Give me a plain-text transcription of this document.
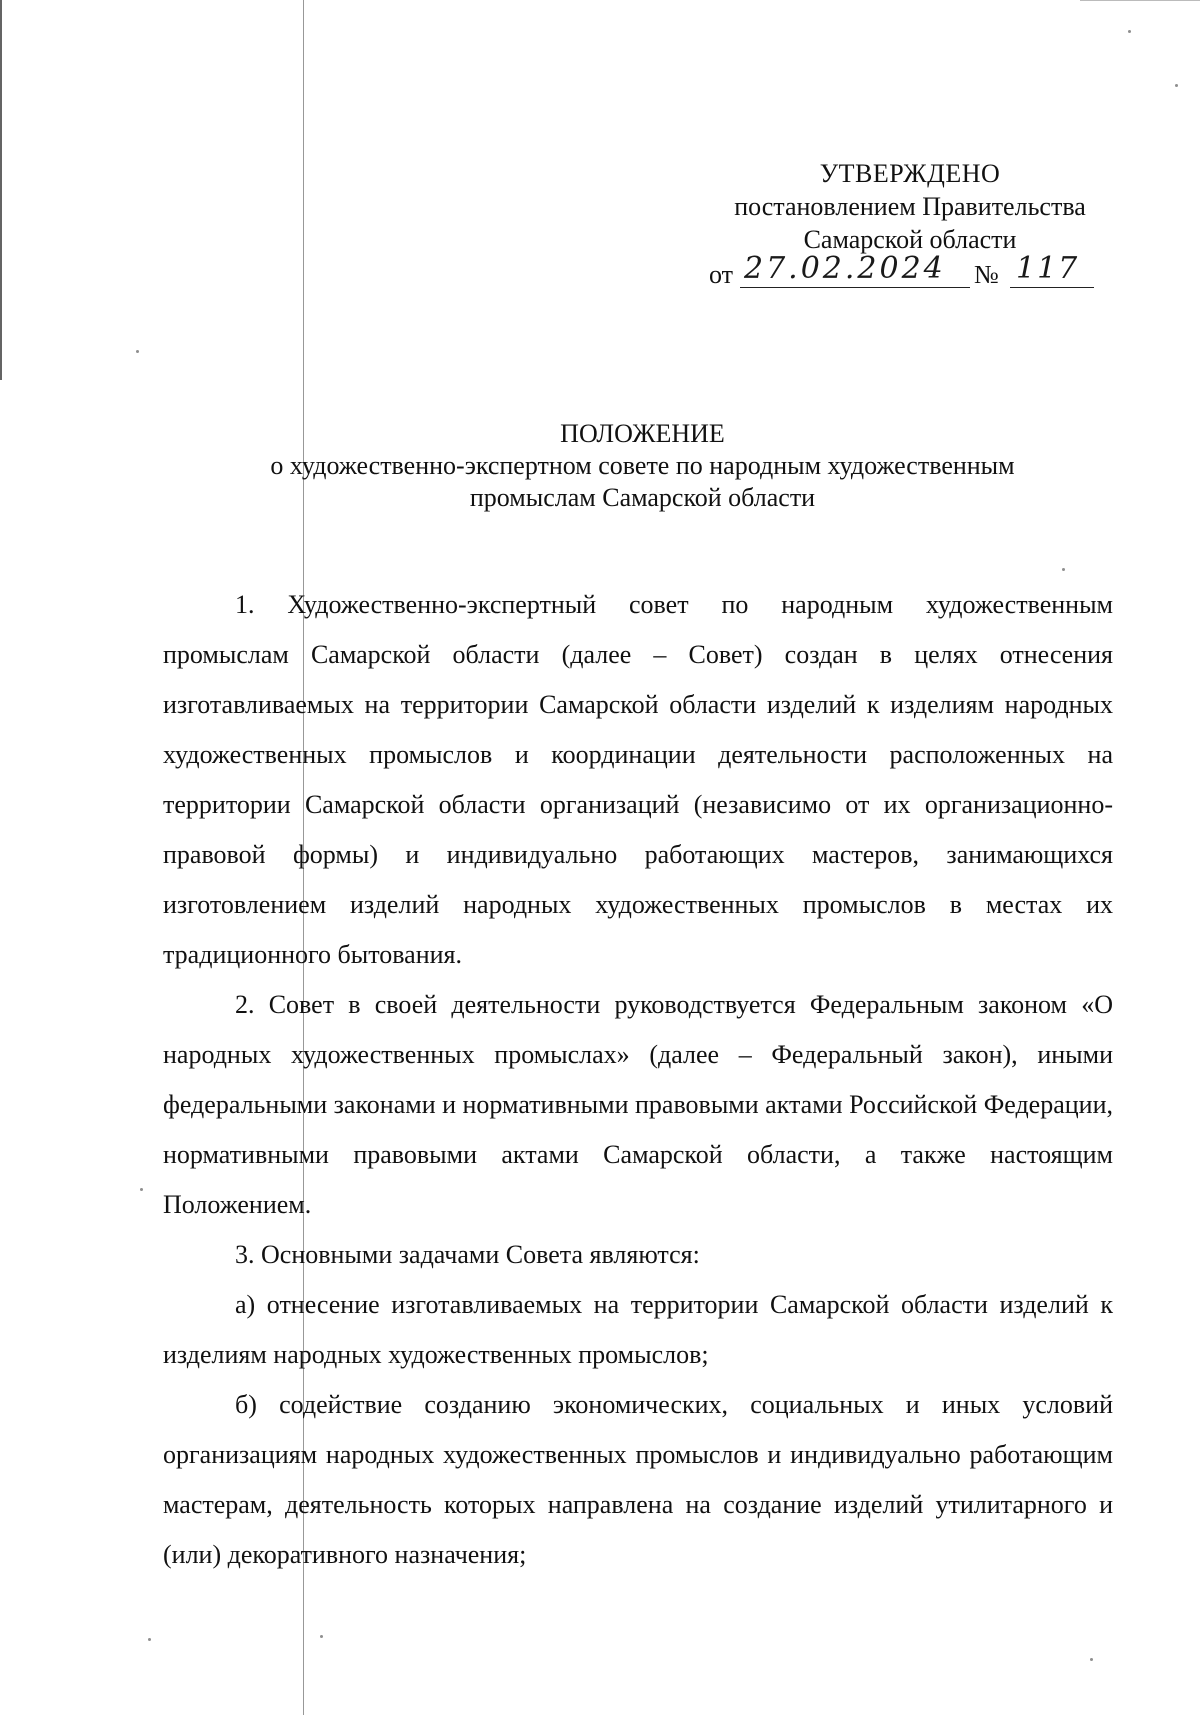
УТВЕРЖДЕНО
постановлением Правительства
Самарской области
от 27.02.2024	№ 117
ПОЛОЖЕНИЕ
о художественно-экспертном совете по народным художественным
промыслам Самарской области

1. Художественно-экспертный совет по народным художественным промыслам Самарской области (далее – Совет) создан в целях отнесения изготавливаемых на территории Самарской области изделий к изделиям народных художественных промыслов и координации деятельности расположенных на территории Самарской области организаций (независимо от их организационно-правовой формы) и индивидуально работающих мастеров, занимающихся изготовлением изделий народных художественных промыслов в местах их традиционного бытования.

2. Совет в своей деятельности руководствуется Федеральным законом «О народных художественных промыслах» (далее – Федеральный закон), иными федеральными законами и нормативными правовыми актами Российской Федерации, нормативными правовыми актами Самарской области, а также настоящим Положением.

3. Основными задачами Совета являются:

а) отнесение изготавливаемых на территории Самарской области изделий к изделиям народных художественных промыслов;

б) содействие созданию экономических, социальных и иных условий организациям народных художественных промыслов и индивидуально работающим мастерам, деятельность которых направлена на создание изделий утилитарного и (или) декоративного назначения;
